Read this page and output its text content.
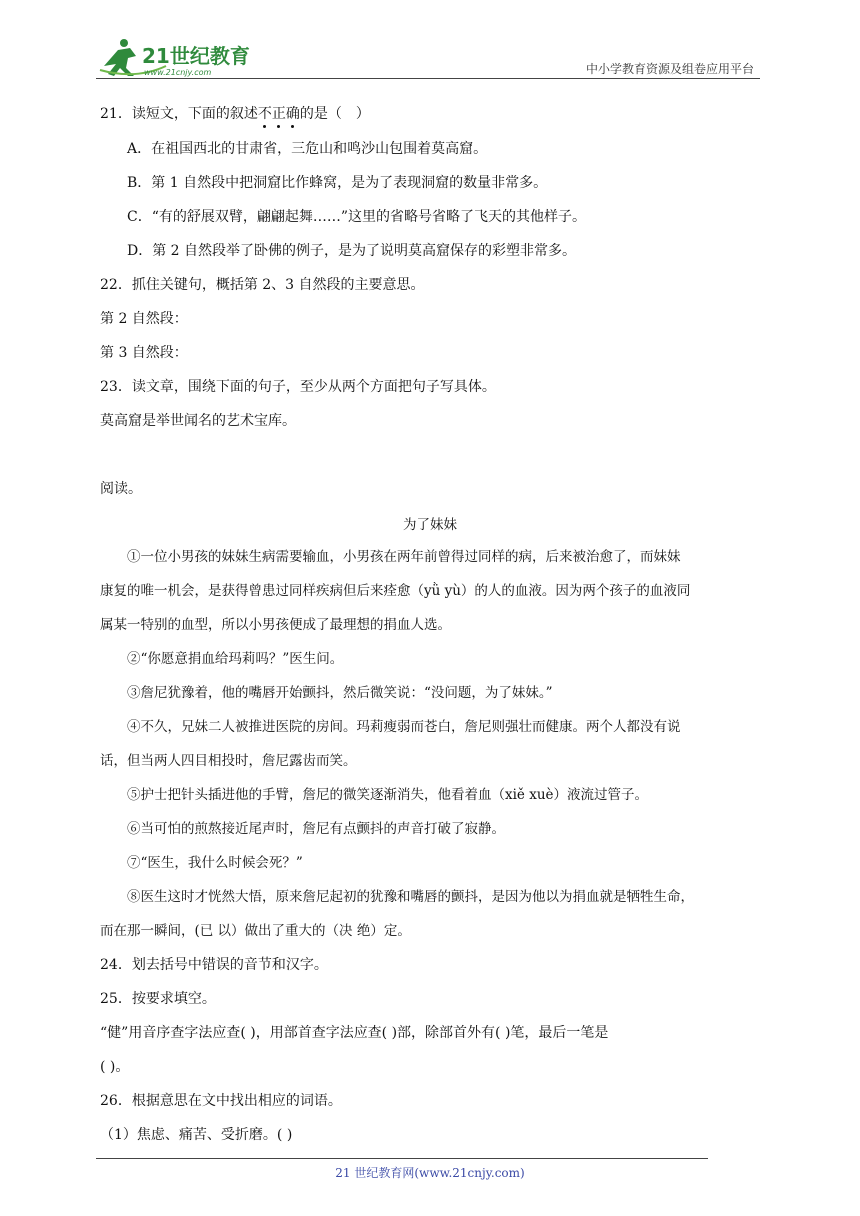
21世纪教育
www.21cnjy.com	中小学教育资源及组卷应用平台
21．读短文，下面的叙述不正确的是（　）
A．在祖国西北的甘肃省，三危山和鸣沙山包围着莫高窟。
B．第 1 自然段中把洞窟比作蜂窝，是为了表现洞窟的数量非常多。
C．“有的舒展双臂，翩翩起舞……”这里的省略号省略了飞天的其他样子。
D．第 2 自然段举了卧佛的例子，是为了说明莫高窟保存的彩塑非常多。
22．抓住关键句，概括第 2、3 自然段的主要意思。
第 2 自然段：
第 3 自然段：
23．读文章，围绕下面的句子，至少从两个方面把句子写具体。
莫高窟是举世闻名的艺术宝库。
阅读。
为了妹妹
①一位小男孩的妹妹生病需要输血，小男孩在两年前曾得过同样的病，后来被治愈了，而妹妹
康复的唯一机会，是获得曾患过同样疾病但后来痊愈（yǜ yù）的人的血液。因为两个孩子的血液同
属某一特别的血型，所以小男孩便成了最理想的捐血人选。
②“你愿意捐血给玛莉吗？”医生问。
③詹尼犹豫着，他的嘴唇开始颤抖，然后微笑说：“没问题，为了妹妹。”
④不久，兄妹二人被推进医院的房间。玛莉瘦弱而苍白，詹尼则强壮而健康。两个人都没有说
话，但当两人四目相投时，詹尼露齿而笑。
⑤护士把针头插进他的手臂，詹尼的微笑逐渐消失，他看着血（xiě xuè）液流过管子。
⑥当可怕的煎熬接近尾声时，詹尼有点颤抖的声音打破了寂静。
⑦“医生，我什么时候会死？”
⑧医生这时才恍然大悟，原来詹尼起初的犹豫和嘴唇的颤抖，是因为他以为捐血就是牺牲生命，
而在那一瞬间，(已 以）做出了重大的（决 绝）定。
24．划去括号中错误的音节和汉字。
25．按要求填空。
“健”用音序查字法应查( )，用部首查字法应查( )部，除部首外有( )笔，最后一笔是
( )。
26．根据意思在文中找出相应的词语。
（1）焦虑、痛苦、受折磨。( )
21 世纪教育网(www.21cnjy.com)
